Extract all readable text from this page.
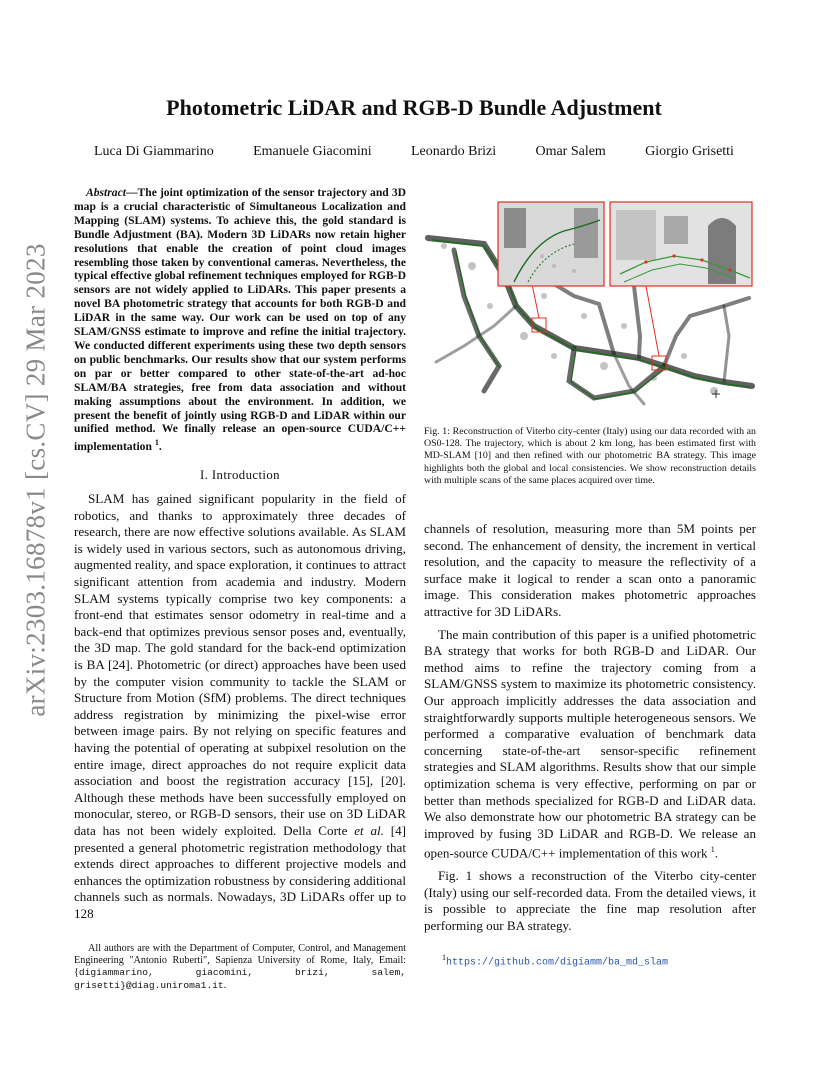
arXiv:2303.16878v1 [cs.CV] 29 Mar 2023
Photometric LiDAR and RGB-D Bundle Adjustment
Luca Di Giammarino	Emanuele Giacomini	Leonardo Brizi	Omar Salem	Giorgio Grisetti

Abstract—The joint optimization of the sensor trajectory and 3D map is a crucial characteristic of Simultaneous Localization and Mapping (SLAM) systems. To achieve this, the gold standard is Bundle Adjustment (BA). Modern 3D LiDARs now retain higher resolutions that enable the creation of point cloud images resembling those taken by conventional cameras. Nevertheless, the typical effective global refinement techniques employed for RGB-D sensors are not widely applied to LiDARs. This paper presents a novel BA photometric strategy that accounts for both RGB-D and LiDAR in the same way. Our work can be used on top of any SLAM/GNSS estimate to improve and refine the initial trajectory. We conducted different experiments using these two depth sensors on public benchmarks. Our results show that our system performs on par or better compared to other state-of-the-art ad-hoc SLAM/BA strategies, free from data association and without making assumptions about the environment. In addition, we present the benefit of jointly using RGB-D and LiDAR within our unified method. We finally release an open-source CUDA/C++ implementation $^1$.

I. Introduction

SLAM has gained significant popularity in the field of robotics, and thanks to approximately three decades of research, there are now effective solutions available. As SLAM is widely used in various sectors, such as autonomous driving, augmented reality, and space exploration, it continues to attract significant attention from academia and industry. Modern SLAM systems typically comprise two key components: a front-end that estimates sensor odometry in real-time and a back-end that optimizes previous sensor poses and, eventually, the 3D map. The gold standard for the back-end optimization is BA [24]. Photometric (or direct) approaches have been used by the computer vision community to tackle the SLAM or Structure from Motion (SfM) problems. The direct techniques address registration by minimizing the pixel-wise error between image pairs. By not relying on specific features and having the potential of operating at subpixel resolution on the entire image, direct approaches do not require explicit data association and boost the registration accuracy [15], [20]. Although these methods have been successfully employed on monocular, stereo, or RGB-D sensors, their use on 3D LiDAR data has not been widely exploited. Della Corte et al. [4] presented a general photometric registration methodology that extends direct approaches to different projective models and enhances the optimization robustness by considering additional channels such as normals. Nowadays, 3D LiDARs offer up to 128

All authors are with the Department of Computer, Control, and Management Engineering "Antonio Ruberti", Sapienza University of Rome, Italy, Email: {digiammarino, giacomini, brizi, salem, grisetti}@diag.uniroma1.it.

Fig. 1: Reconstruction of Viterbo city-center (Italy) using our data recorded with an OS0-128. The trajectory, which is about 2 km long, has been estimated first with MD-SLAM [10] and then refined with our photometric BA strategy. This image highlights both the global and local consistencies. We show reconstruction details with multiple scans of the same places acquired over time.

channels of resolution, measuring more than 5M points per second. The enhancement of density, the increment in vertical resolution, and the capacity to measure the reflectivity of a surface make it logical to render a scan onto a panoramic image. This consideration makes photometric approaches attractive for 3D LiDARs.

The main contribution of this paper is a unified photometric BA strategy that works for both RGB-D and LiDAR. Our method aims to refine the trajectory coming from a SLAM/GNSS system to maximize its photometric consistency. Our approach implicitly addresses the data association and straightforwardly supports multiple heterogeneous sensors. We performed a comparative evaluation of benchmark data concerning state-of-the-art sensor-specific refinement strategies and SLAM algorithms. Results show that our simple optimization schema is very effective, performing on par or better than methods specialized for RGB-D and LiDAR data. We also demonstrate how our photometric BA strategy can be improved by fusing 3D LiDAR and RGB-D. We release an open-source CUDA/C++ implementation of this work $^1$.

Fig. 1 shows a reconstruction of the Viterbo city-center (Italy) using our self-recorded data. From the detailed views, it is possible to appreciate the fine map resolution after performing our BA strategy.

$^1$https://github.com/digiamm/ba_md_slam
